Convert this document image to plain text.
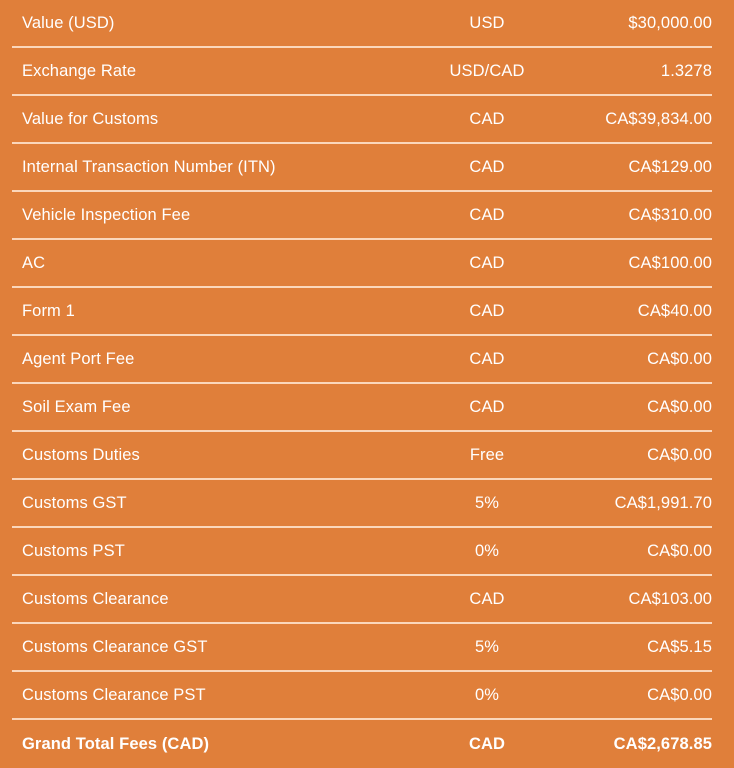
Value (USD)	USD	$30,000.00
Exchange Rate	USD/CAD	1.3278
Value for Customs	CAD	CA$39,834.00
Internal Transaction Number (ITN)	CAD	CA$129.00
Vehicle Inspection Fee	CAD	CA$310.00
AC	CAD	CA$100.00
Form 1	CAD	CA$40.00
Agent Port Fee	CAD	CA$0.00
Soil Exam Fee	CAD	CA$0.00
Customs Duties	Free	CA$0.00
Customs GST	5%	CA$1,991.70
Customs PST	0%	CA$0.00
Customs Clearance	CAD	CA$103.00
Customs Clearance GST	5%	CA$5.15
Customs Clearance PST	0%	CA$0.00
Grand Total Fees (CAD)	CAD	CA$2,678.85
